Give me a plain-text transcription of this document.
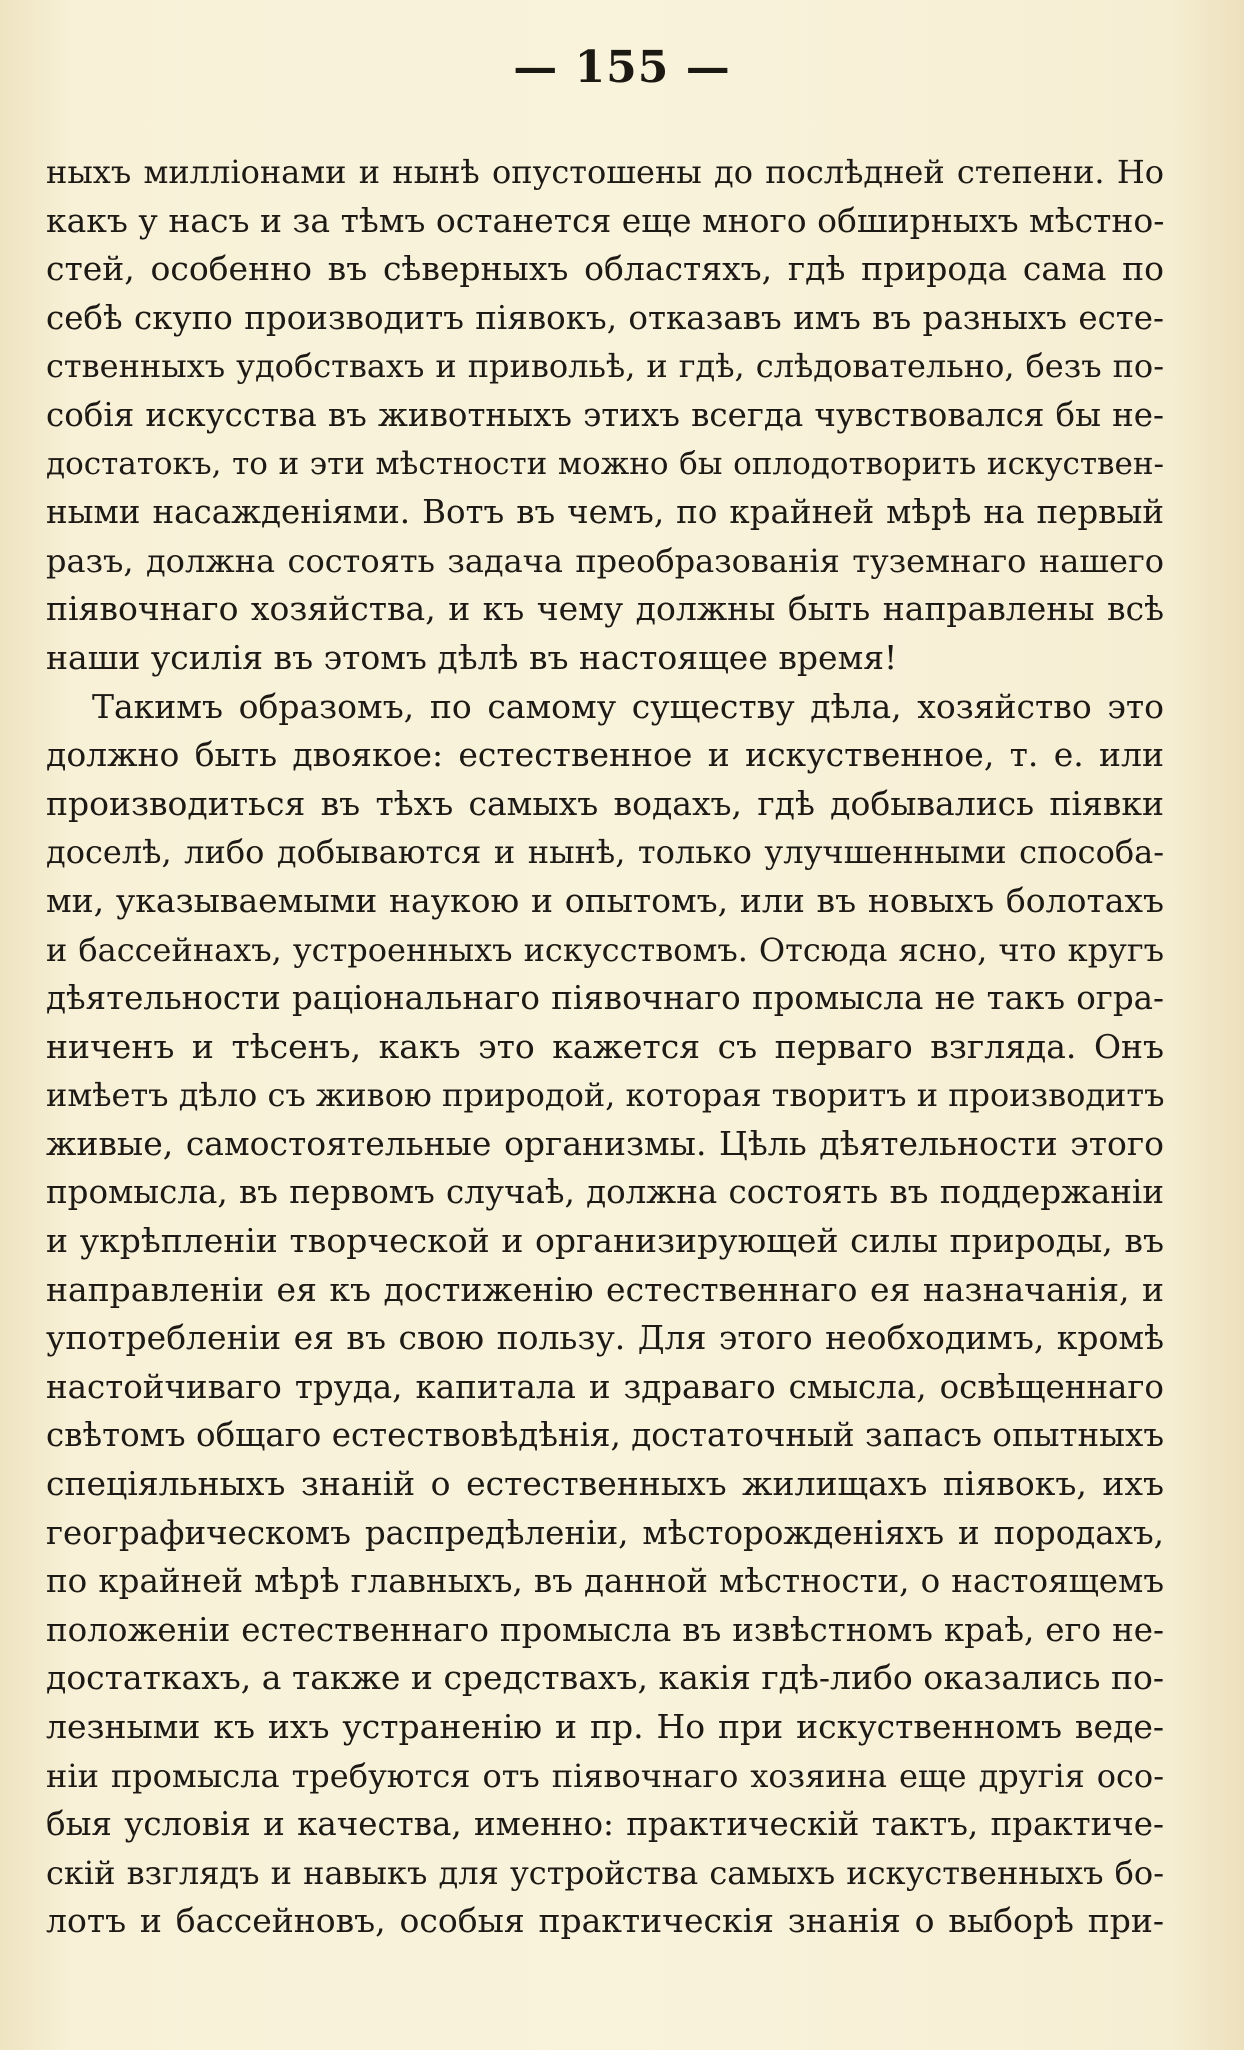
— 155 —
ныхъ милліонами и нынѣ опустошены до послѣдней степени. Но
какъ у насъ и за тѣмъ останется еще много обширныхъ мѣстно-
стей, особенно въ сѣверныхъ областяхъ, гдѣ природа сама по
себѣ скупо производитъ піявокъ, отказавъ имъ въ разныхъ есте-
ственныхъ удобствахъ и привольѣ, и гдѣ, слѣдовательно, безъ по-
собія искусства въ животныхъ этихъ всегда чувствовался бы не-
достатокъ, то и эти мѣстности можно бы оплодотворить искуствен-
ными насажденіями. Вотъ въ чемъ, по крайней мѣрѣ на первый
разъ, должна состоять задача преобразованія туземнаго нашего
піявочнаго хозяйства, и къ чему должны быть направлены всѣ
наши усилія въ этомъ дѣлѣ въ настоящее время!
Такимъ образомъ, по самому существу дѣла, хозяйство это
должно быть двоякое: естественное и искуственное, т. е. или
производиться въ тѣхъ самыхъ водахъ, гдѣ добывались піявки
доселѣ, либо добываются и нынѣ, только улучшенными способа-
ми, указываемыми наукою и опытомъ, или въ новыхъ болотахъ
и бассейнахъ, устроенныхъ искусствомъ. Отсюда ясно, что кругъ
дѣятельности раціональнаго піявочнаго промысла не такъ огра-
ниченъ и тѣсенъ, какъ это кажется съ перваго взгляда. Онъ
имѣетъ дѣло съ живою природой, которая творитъ и производитъ
живые, самостоятельные организмы. Цѣль дѣятельности этого
промысла, въ первомъ случаѣ, должна состоять въ поддержаніи
и укрѣпленіи творческой и организирующей силы природы, въ
направленіи ея къ достиженію естественнаго ея назначанія, и
употребленіи ея въ свою пользу. Для этого необходимъ, кромѣ
настойчиваго труда, капитала и здраваго смысла, освѣщеннаго
свѣтомъ общаго естествовѣдѣнія, достаточный запасъ опытныхъ
спеціяльныхъ знаній о естественныхъ жилищахъ піявокъ, ихъ
географическомъ распредѣленіи, мѣсторожденіяхъ и породахъ,
по крайней мѣрѣ главныхъ, въ данной мѣстности, о настоящемъ
положеніи естественнаго промысла въ извѣстномъ краѣ, его не-
достаткахъ, а также и средствахъ, какія гдѣ-либо оказались по-
лезными къ ихъ устраненію и пр. Но при искуственномъ веде-
ніи промысла требуются отъ піявочнаго хозяина еще другія осо-
быя условія и качества, именно: практическій тактъ, практиче-
скій взглядъ и навыкъ для устройства самыхъ искуственныхъ бо-
лотъ и бассейновъ, особыя практическія знанія о выборѣ при-
